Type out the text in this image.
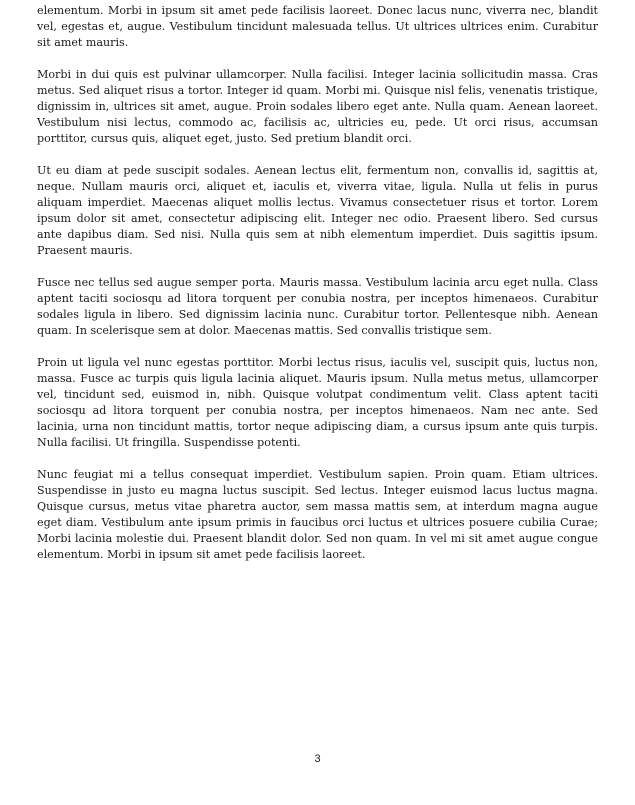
elementum. Morbi in ipsum sit amet pede facilisis laoreet. Donec lacus nunc, viverra nec, blandit vel, egestas et, augue. Vestibulum tincidunt malesuada tellus. Ut ultrices ultrices enim. Curabitur sit amet mauris.

Morbi in dui quis est pulvinar ullamcorper. Nulla facilisi. Integer lacinia sollicitudin massa. Cras metus. Sed aliquet risus a tortor. Integer id quam. Morbi mi. Quisque nisl felis, venenatis tristique, dignissim in, ultrices sit amet, augue. Proin sodales libero eget ante. Nulla quam. Aenean laoreet. Vestibulum nisi lectus, commodo ac, facilisis ac, ultricies eu, pede. Ut orci risus, accumsan porttitor, cursus quis, aliquet eget, justo. Sed pretium blandit orci.

Ut eu diam at pede suscipit sodales. Aenean lectus elit, fermentum non, convallis id, sagittis at, neque. Nullam mauris orci, aliquet et, iaculis et, viverra vitae, ligula. Nulla ut felis in purus aliquam imperdiet. Maecenas aliquet mollis lectus. Vivamus consectetuer risus et tortor. Lorem ipsum dolor sit amet, consectetur adipiscing elit. Integer nec odio. Praesent libero. Sed cursus ante dapibus diam. Sed nisi. Nulla quis sem at nibh elementum imperdiet. Duis sagittis ipsum. Praesent mauris.

Fusce nec tellus sed augue semper porta. Mauris massa. Vestibulum lacinia arcu eget nulla. Class aptent taciti sociosqu ad litora torquent per conubia nostra, per inceptos himenaeos. Curabitur sodales ligula in libero. Sed dignissim lacinia nunc. Curabitur tortor. Pellentesque nibh. Aenean quam. In scelerisque sem at dolor. Maecenas mattis. Sed convallis tristique sem.

Proin ut ligula vel nunc egestas porttitor. Morbi lectus risus, iaculis vel, suscipit quis, luctus non, massa. Fusce ac turpis quis ligula lacinia aliquet. Mauris ipsum. Nulla metus metus, ullamcorper vel, tincidunt sed, euismod in, nibh. Quisque volutpat condimentum velit. Class aptent taciti sociosqu ad litora torquent per conubia nostra, per inceptos himenaeos. Nam nec ante. Sed lacinia, urna non tincidunt mattis, tortor neque adipiscing diam, a cursus ipsum ante quis turpis. Nulla facilisi. Ut fringilla. Suspendisse potenti.

Nunc feugiat mi a tellus consequat imperdiet. Vestibulum sapien. Proin quam. Etiam ultrices. Suspendisse in justo eu magna luctus suscipit. Sed lectus. Integer euismod lacus luctus magna. Quisque cursus, metus vitae pharetra auctor, sem massa mattis sem, at interdum magna augue eget diam. Vestibulum ante ipsum primis in faucibus orci luctus et ultrices posuere cubilia Curae; Morbi lacinia molestie dui. Praesent blandit dolor. Sed non quam. In vel mi sit amet augue congue elementum. Morbi in ipsum sit amet pede facilisis laoreet.

3
